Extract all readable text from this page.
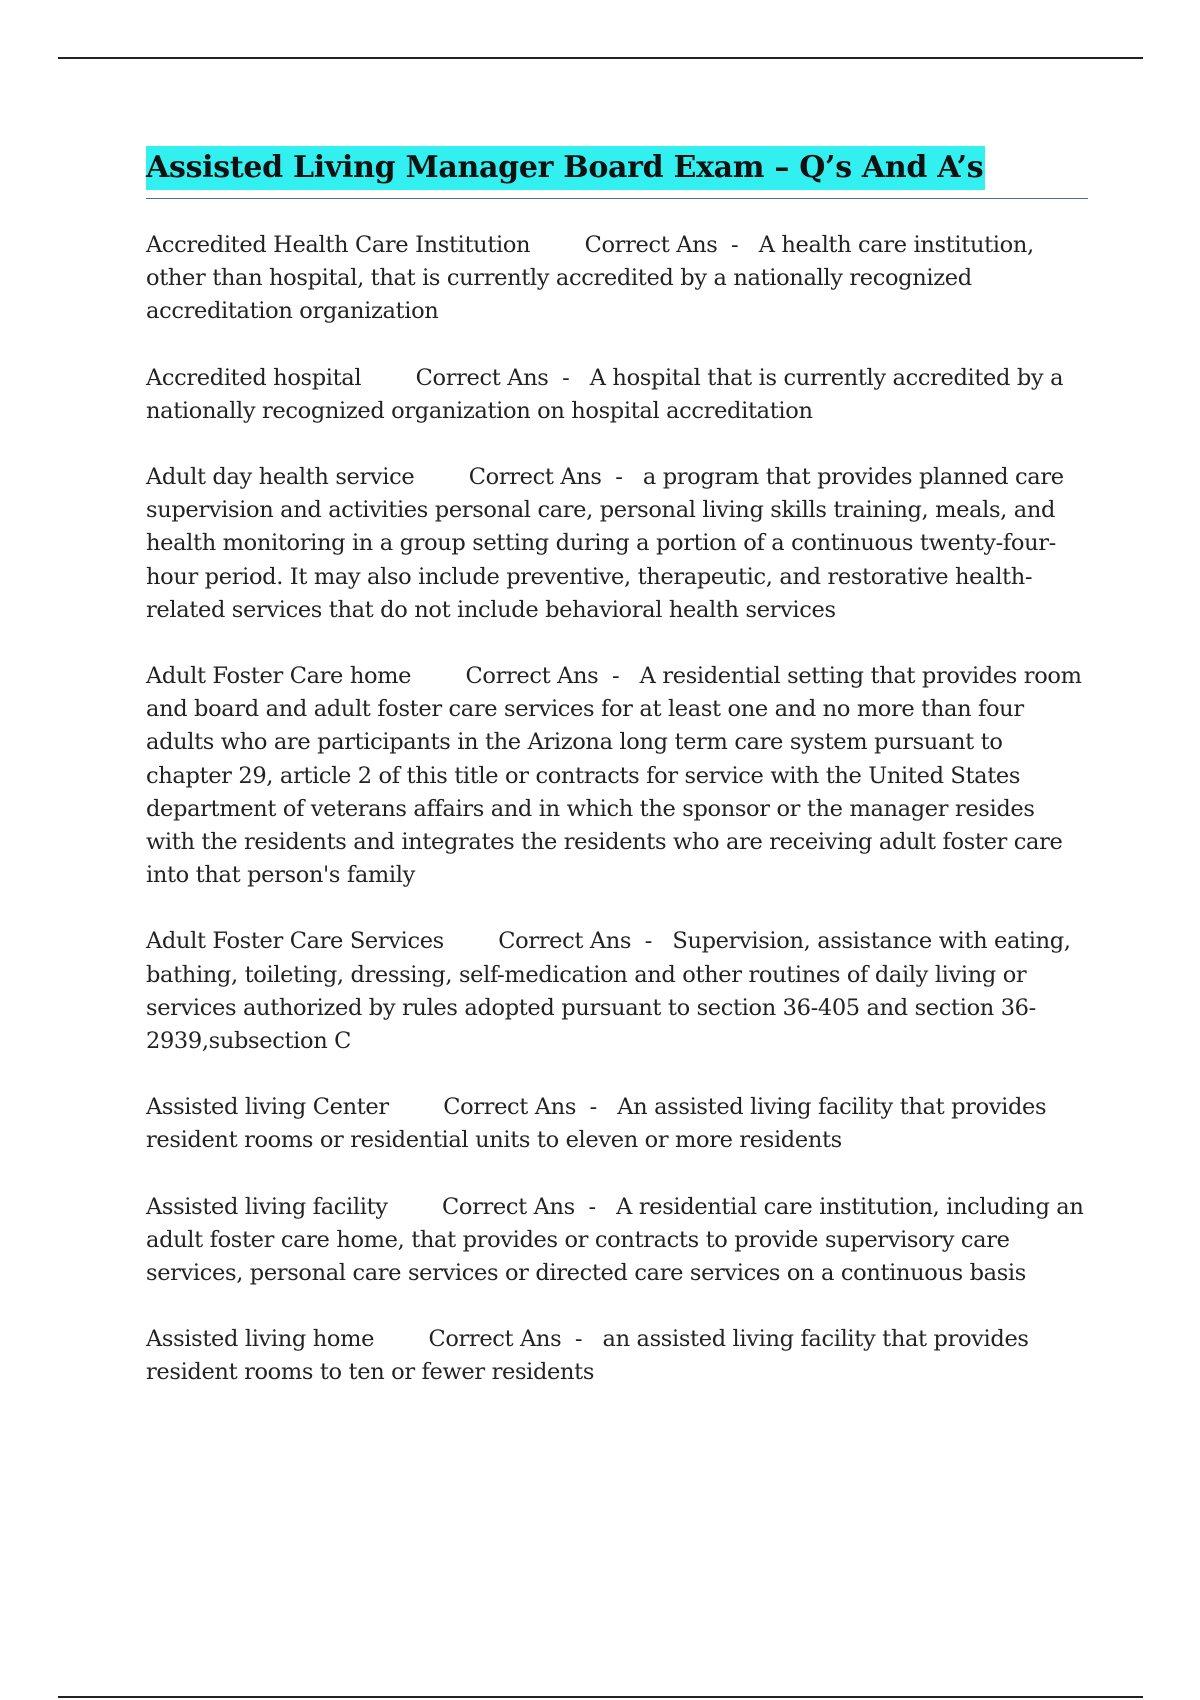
Assisted Living Manager Board Exam – Q’s And A’s

Accredited Health Care Institution        Correct Ans  -   A health care institution, other than hospital, that is currently accredited by a nationally recognized accreditation organization

Accredited hospital        Correct Ans  -   A hospital that is currently accredited by a nationally recognized organization on hospital accreditation

Adult day health service        Correct Ans  -   a program that provides planned care supervision and activities personal care, personal living skills training, meals, and health monitoring in a group setting during a portion of a continuous twenty-four-hour period. It may also include preventive, therapeutic, and restorative health-related services that do not include behavioral health services

Adult Foster Care home        Correct Ans  -   A residential setting that provides room and board and adult foster care services for at least one and no more than four adults who are participants in the Arizona long term care system pursuant to chapter 29, article 2 of this title or contracts for service with the United States department of veterans affairs and in which the sponsor or the manager resides with the residents and integrates the residents who are receiving adult foster care into that person's family

Adult Foster Care Services        Correct Ans  -   Supervision, assistance with eating, bathing, toileting, dressing, self-medication and other routines of daily living or services authorized by rules adopted pursuant to section 36-405 and section 36-2939,subsection C

Assisted living Center        Correct Ans  -   An assisted living facility that provides resident rooms or residential units to eleven or more residents

Assisted living facility        Correct Ans  -   A residential care institution, including an adult foster care home, that provides or contracts to provide supervisory care services, personal care services or directed care services on a continuous basis

Assisted living home        Correct Ans  -   an assisted living facility that provides resident rooms to ten or fewer residents
